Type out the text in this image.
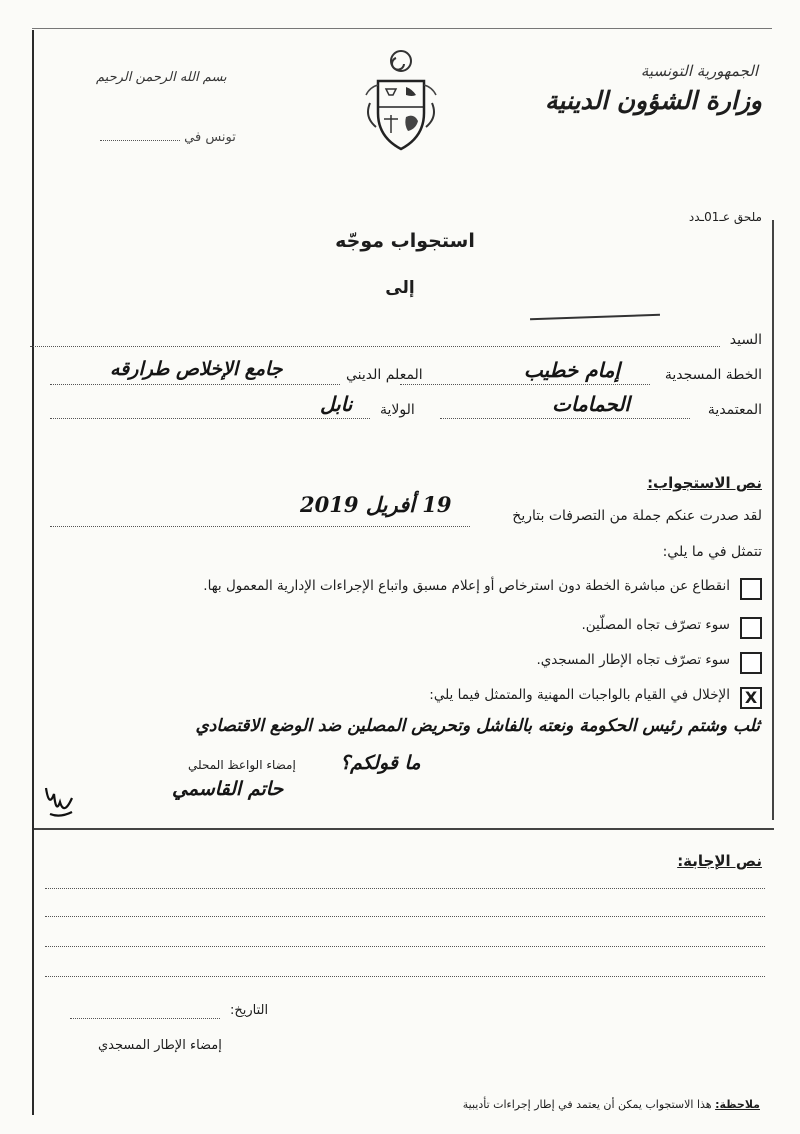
الجمهورية التونسية
وزارة الشؤون الدينية
بسم الله الرحمن الرحيم
تونس في
ملحق عـ01ـدد
استجواب موجّه
إلى
السيد
الخطة المسجدية
إمام خطيب
المعلم الديني
جامع الإخلاص طرارقه
المعتمدية
الحمامات
الولاية
نابل
نص الاستجواب:
لقد صدرت عنكم جملة من التصرفات بتاريخ
19 أفريل 2019
تتمثل في ما يلي:
انقطاع عن مباشرة الخطة دون استرخاص أو إعلام مسبق واتباع الإجراءات الإدارية المعمول بها.
سوء تصرّف تجاه المصلّين.
سوء تصرّف تجاه الإطار المسجدي.
X
الإخلال في القيام بالواجبات المهنية والمتمثل فيما يلي:
ثلب وشتم رئيس الحكومة ونعته بالفاشل وتحريض المصلين ضد الوضع الاقتصادي
ما قولكم؟
إمضاء الواعظ المحلي
حاتم القاسمي
نص الإجابة:
التاريخ:
إمضاء الإطار المسجدي
ملاحظة: هذا الاستجواب يمكن أن يعتمد في إطار إجراءات تأديبية
